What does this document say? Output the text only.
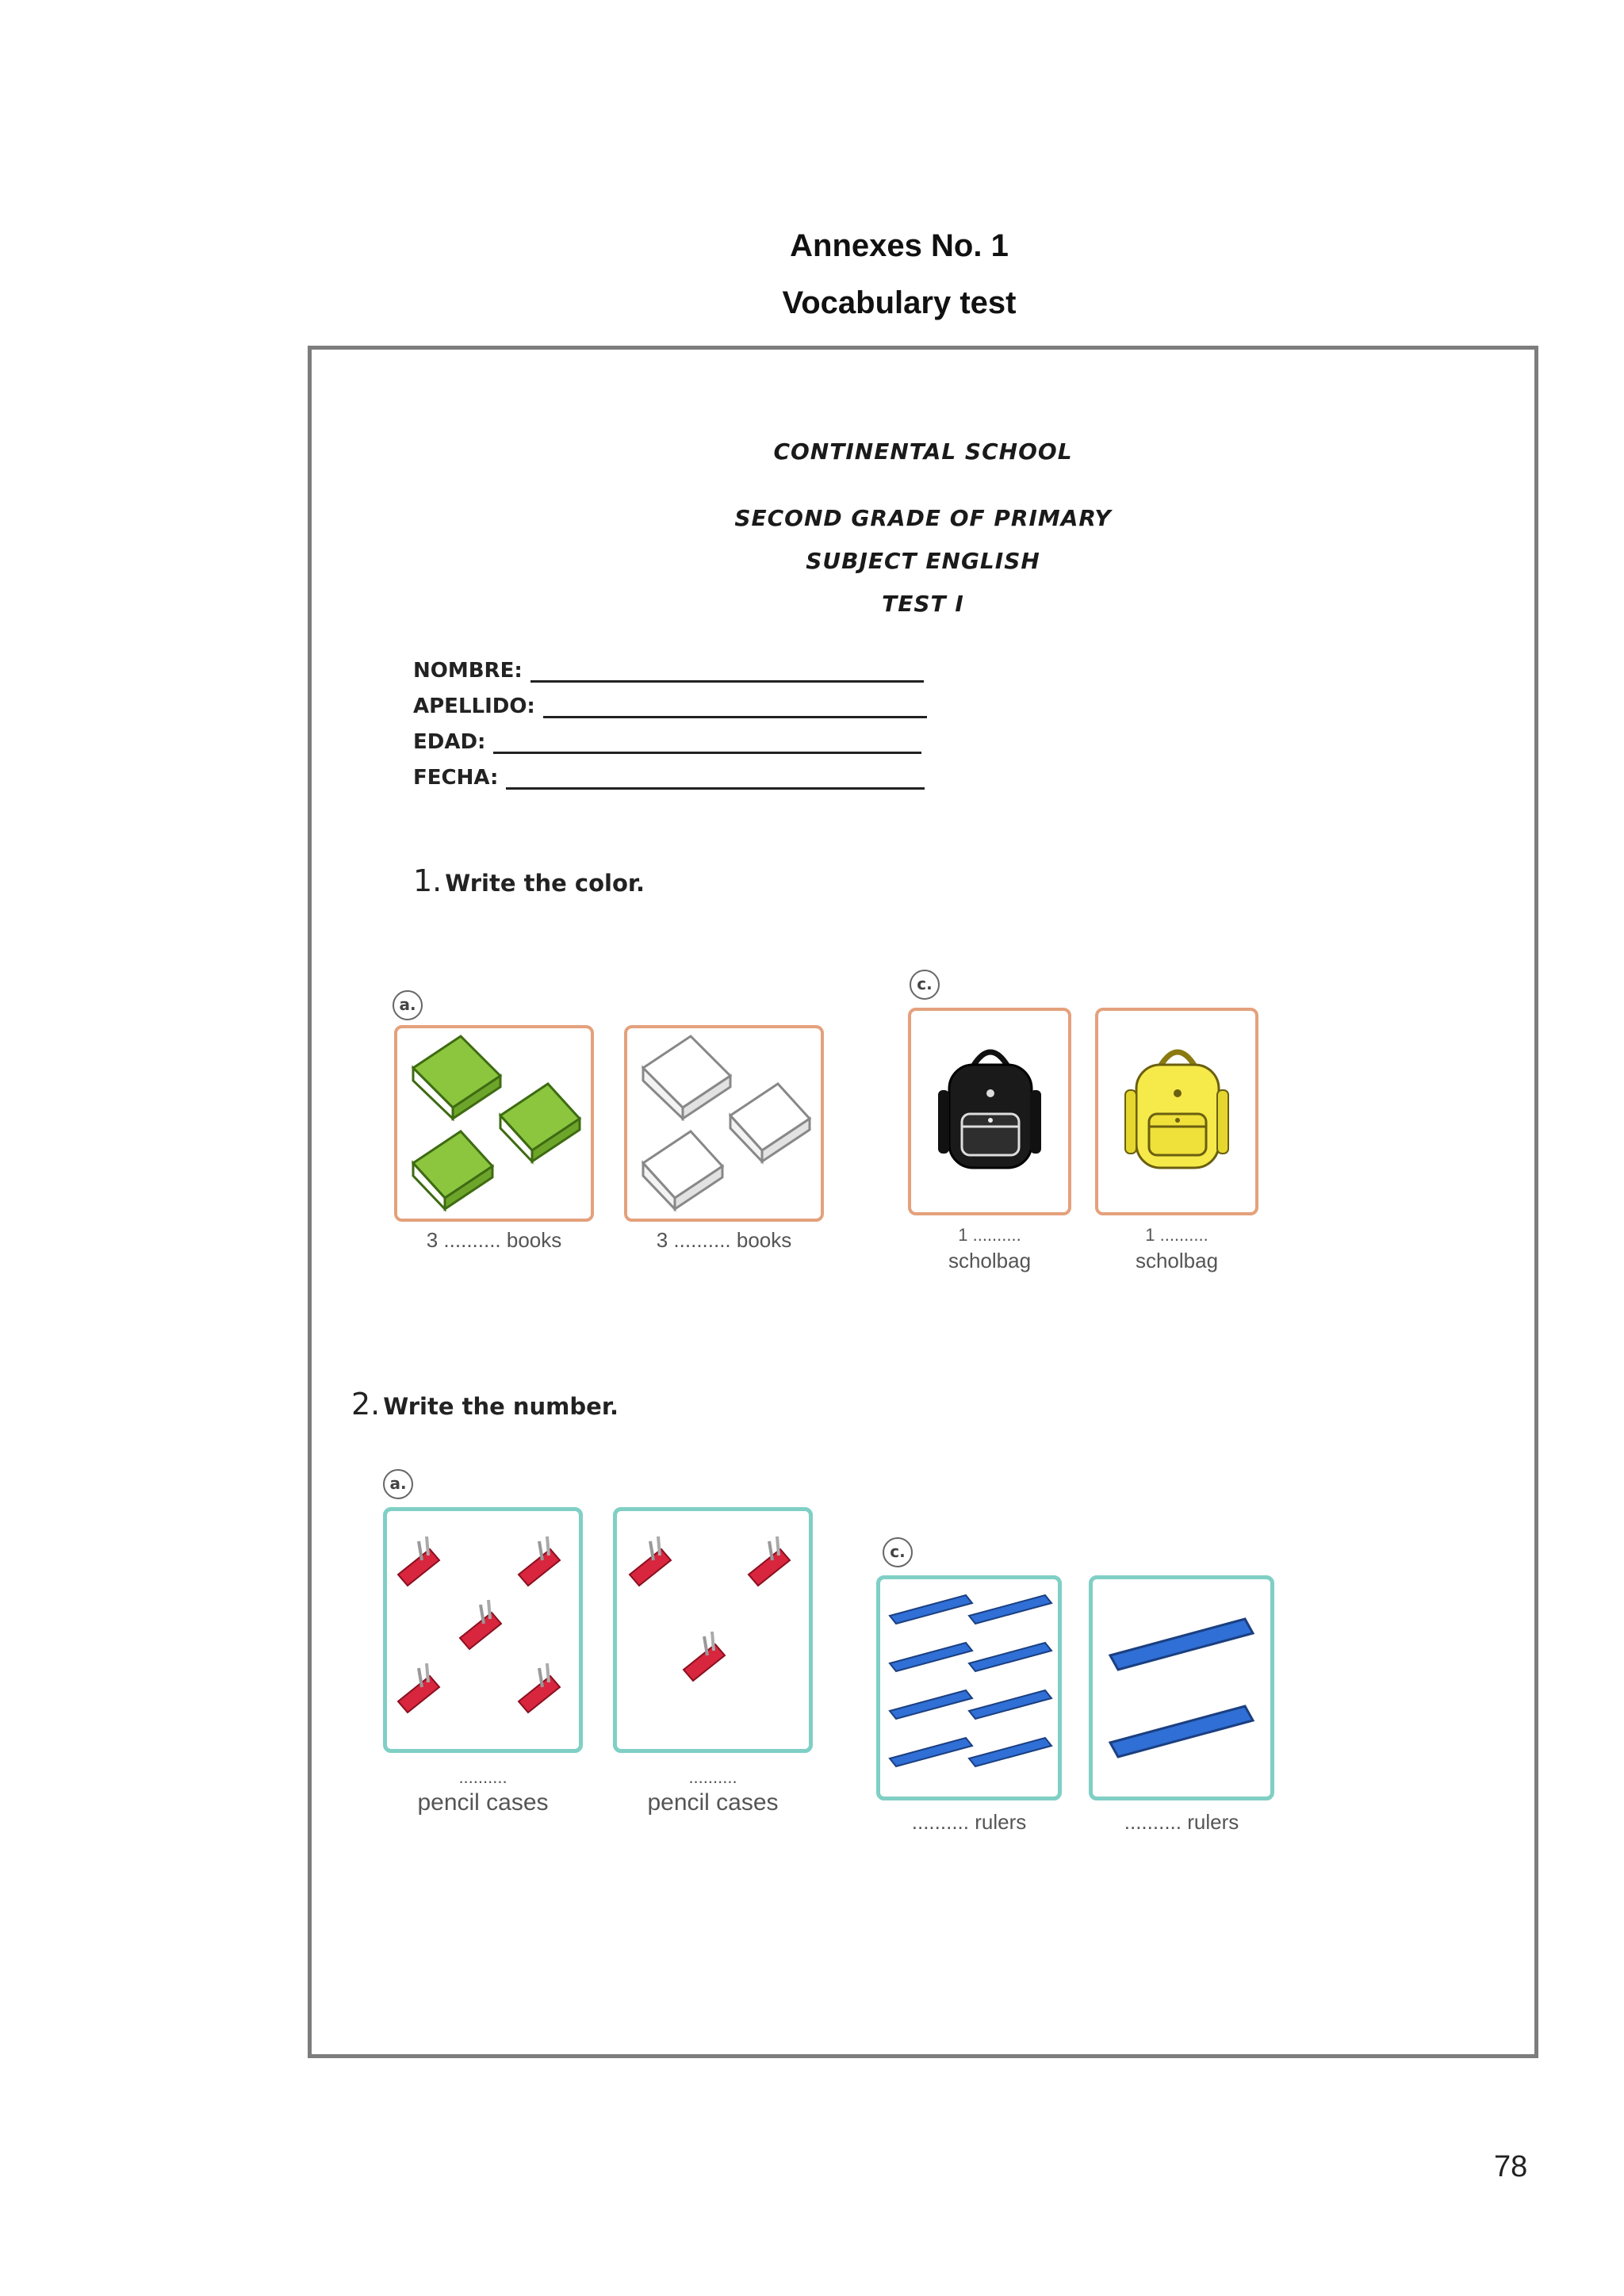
Annexes No. 1
Vocabulary test
CONTINENTAL SCHOOL
SECOND GRADE OF PRIMARY
SUBJECT ENGLISH
TEST I
NOMBRE:
APELLIDO:
EDAD:
FECHA:
1. Write the color.
a.
c.
3 .......... books	3 .......... books	1 ..........
scholbag
1 ..........
scholbag
2. Write the number.
a.
c.
..........
pencil cases
..........
pencil cases
.......... rulers	.......... rulers
78
